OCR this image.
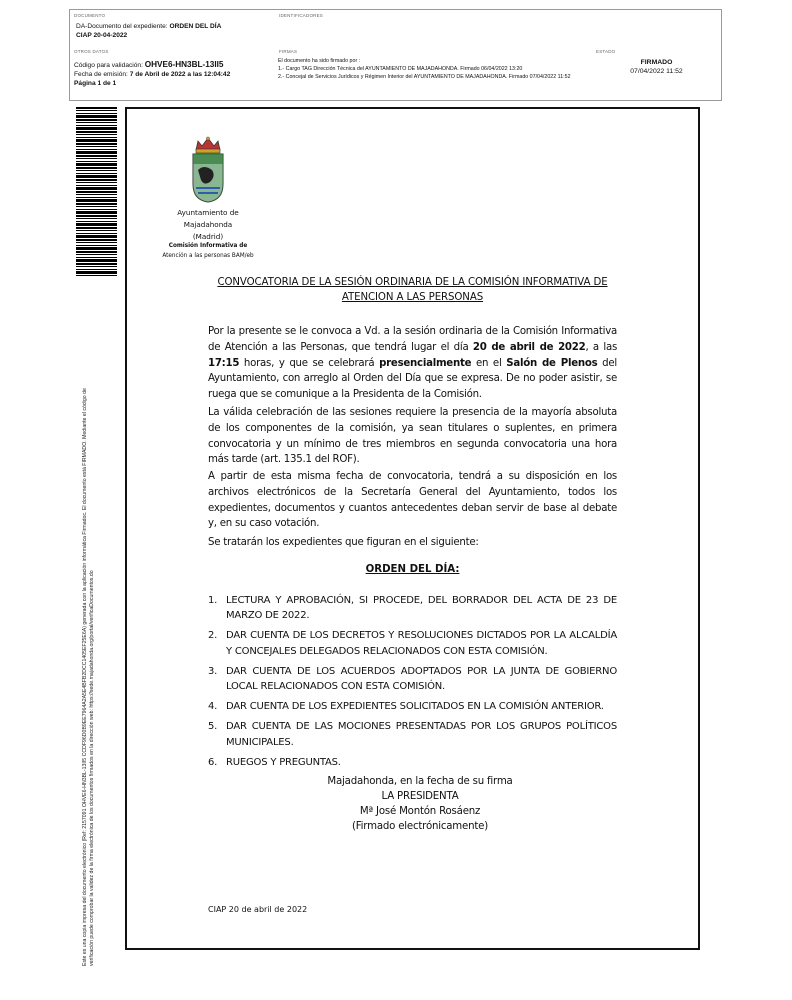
DOCUMENTO
DA-Documento del expediente: ORDEN DEL DÍA
CIAP 20-04-2022
IDENTIFICADORES
OTROS DATOS
Código para validación: OHVE6-HN3BL-13II5
Fecha de emisión: 7 de Abril de 2022 a las 12:04:42
Página 1 de 1
FIRMAS
El documento ha sido firmado por :
1.- Cargo TAG Dirección Técnica del AYUNTAMIENTO DE MAJADAHONDA. Firmado 06/04/2022 13:20
2.- Concejal de Servicios Jurídicos y Régimen Interior del AYUNTAMIENTO DE MAJADAHONDA. Firmado 07/04/2022 11:52
ESTADO
FIRMADO
07/04/2022 11:52
Este es una copia impresa del documento electrónico (Ref: 2157091 OHVE6-HN3BL-13II5 CCDF96D0B9EE7964A2A5E4BFB2DCC1405EF25E6A) generada con la aplicación informática Firmadoc. El documento está FIRMADO. Mediante el código de verificación puede comprobar la validez de la firma electrónica de los documentos firmados en la dirección web: https://sede.majadahonda.org/portal/verificaDocumentos.do
Ayuntamiento de
Majadahonda
(Madrid)
Comisión Informativa de
Atención a las personas BAM/eb
CONVOCATORIA DE LA SESIÓN ORDINARIA DE LA COMISIÓN INFORMATIVA DE
ATENCION A LAS PERSONAS
Por la presente se le convoca a Vd. a la sesión ordinaria de la Comisión Informativa de Atención a las Personas, que tendrá lugar el día 20 de abril de 2022, a las 17:15 horas, y que se celebrará presencialmente en el Salón de Plenos del Ayuntamiento, con arreglo al Orden del Día que se expresa. De no poder asistir, se ruega que se comunique a la Presidenta de la Comisión.
La válida celebración de las sesiones requiere la presencia de la mayoría absoluta de los componentes de la comisión, ya sean titulares o suplentes, en primera convocatoria y un mínimo de tres miembros en segunda convocatoria una hora más tarde (art. 135.1 del ROF).
A partir de esta misma fecha de convocatoria, tendrá a su disposición en los archivos electrónicos de la Secretaría General del Ayuntamiento, todos los expedientes, documentos y cuantos antecedentes deban servir de base al debate y, en su caso votación.
Se tratarán los expedientes que figuran en el siguiente:
ORDEN DEL DÍA:
1. LECTURA Y APROBACIÓN, SI PROCEDE, DEL BORRADOR DEL ACTA DE 23 DE MARZO DE 2022.
2. DAR CUENTA DE LOS DECRETOS Y RESOLUCIONES DICTADOS POR LA ALCALDÍA Y CONCEJALES DELEGADOS RELACIONADOS CON ESTA COMISIÓN.
3. DAR CUENTA DE LOS ACUERDOS ADOPTADOS POR LA JUNTA DE GOBIERNO LOCAL RELACIONADOS CON ESTA COMISIÓN.
4. DAR CUENTA DE LOS EXPEDIENTES SOLICITADOS EN LA COMISIÓN ANTERIOR.
5. DAR CUENTA DE LAS MOCIONES PRESENTADAS POR LOS GRUPOS POLÍTICOS MUNICIPALES.
6. RUEGOS Y PREGUNTAS.
Majadahonda, en la fecha de su firma
LA PRESIDENTA
Mª José Montón Rosáenz
(Firmado electrónicamente)
CIAP 20 de abril de 2022
